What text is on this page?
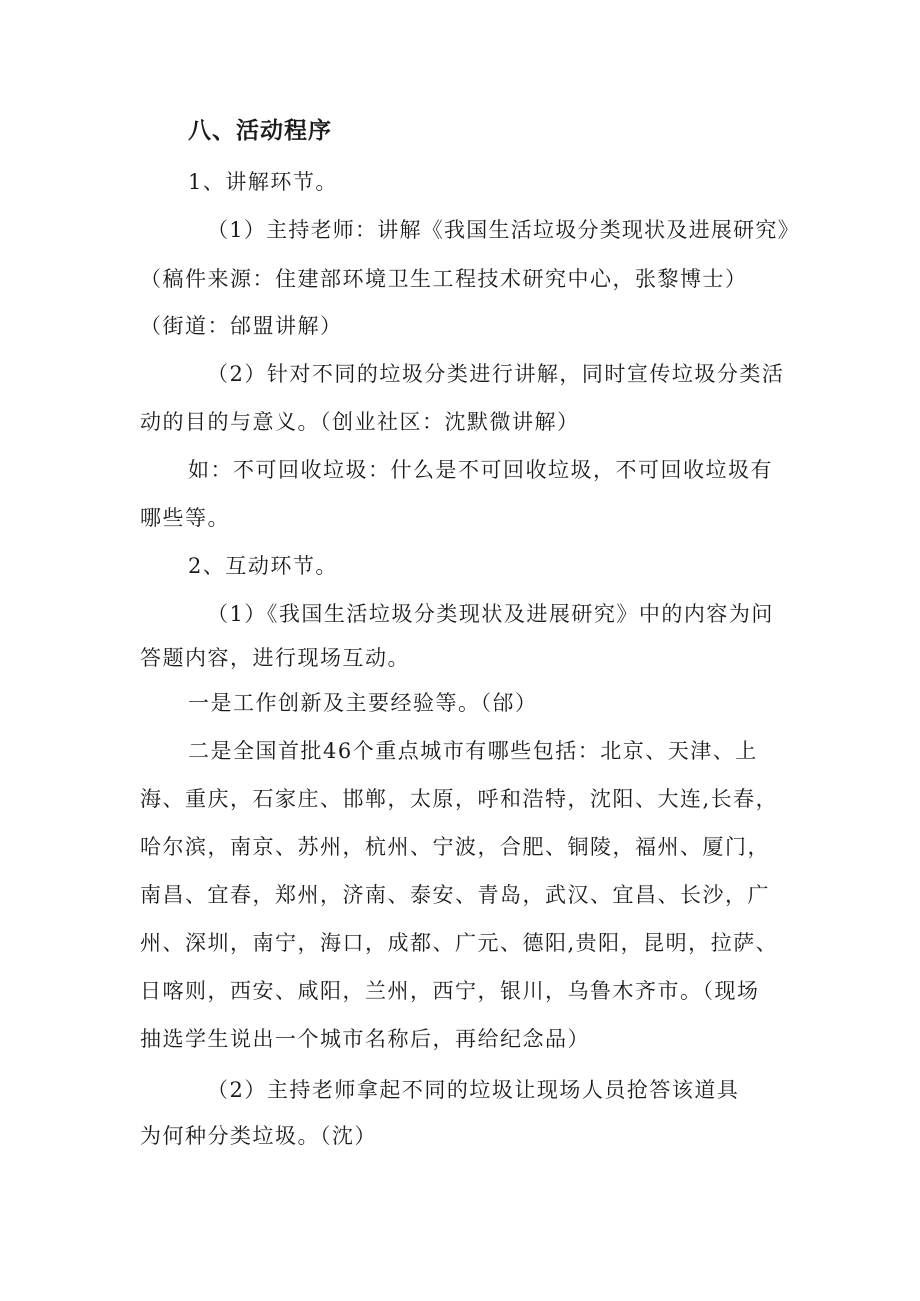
八、活动程序
1、讲解环节。
（1）主持老师：讲解《我国生活垃圾分类现状及进展研究》
（稿件来源：住建部环境卫生工程技术研究中心，张黎博士）
（街道：邰盟讲解）
（2）针对不同的垃圾分类进行讲解，同时宣传垃圾分类活
动的目的与意义。（创业社区：沈默微讲解）
如：不可回收垃圾：什么是不可回收垃圾，不可回收垃圾有
哪些等。
2、互动环节。
（1）《我国生活垃圾分类现状及进展研究》中的内容为问
答题内容，进行现场互动。
一是工作创新及主要经验等。（邰）
二是全国首批46个重点城市有哪些包括：北京、天津、上
海、重庆，石家庄、邯郸，太原，呼和浩特，沈阳、大连,长春，
哈尔滨，南京、苏州，杭州、宁波，合肥、铜陵，福州、厦门，
南昌、宜春，郑州，济南、泰安、青岛，武汉、宜昌、长沙，广
州、深圳，南宁，海口，成都、广元、德阳,贵阳，昆明，拉萨、
日喀则，西安、咸阳，兰州，西宁，银川，乌鲁木齐市。（现场
抽选学生说出一个城市名称后，再给纪念品）
（2）主持老师拿起不同的垃圾让现场人员抢答该道具
为何种分类垃圾。（沈）
